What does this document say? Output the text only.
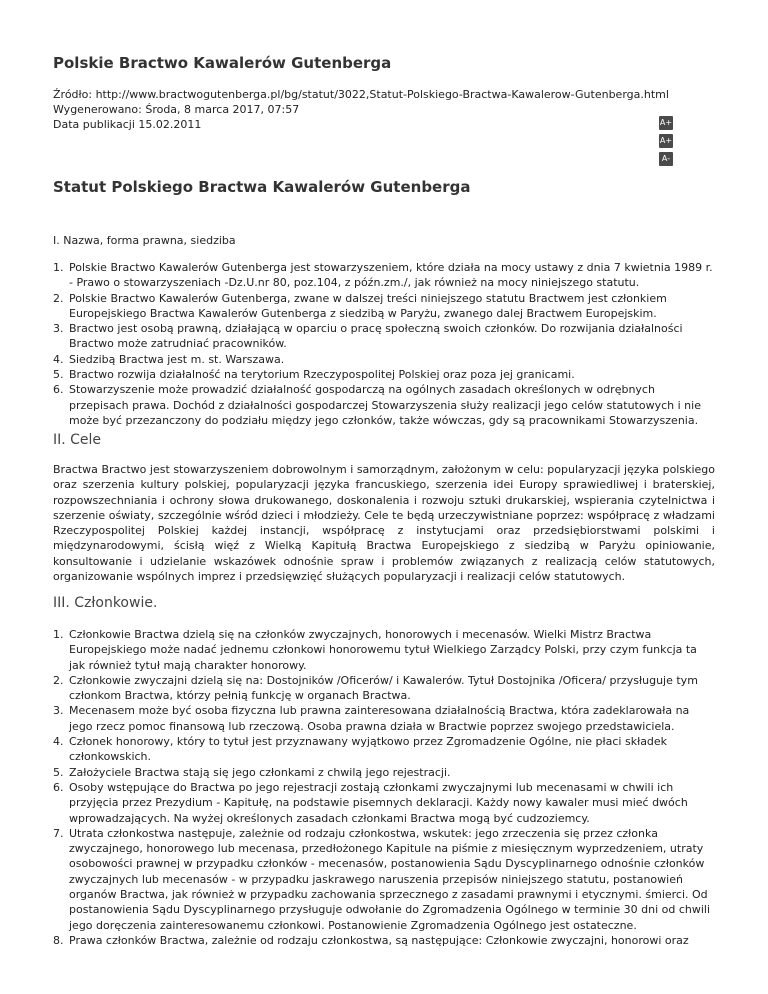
Polskie Bractwo Kawalerów Gutenberga
Źródło: http://www.bractwogutenberga.pl/bg/statut/3022,Statut-Polskiego-Bractwa-Kawalerow-Gutenberga.html
Wygenerowano: Środa, 8 marca 2017, 07:57
Data publikacji 15.02.2011	A+
A+
A-
Statut Polskiego Bractwa Kawalerów Gutenberga
I. Nazwa, forma prawna, siedziba
1. Polskie Bractwo Kawalerów Gutenberga jest stowarzyszeniem, które działa na mocy ustawy z dnia 7 kwietnia 1989 r. - Prawo o stowarzyszeniach -Dz.U.nr 80, poz.104, z późn.zm./, jak również na mocy niniejszego statutu.
2. Polskie Bractwo Kawalerów Gutenberga, zwane w dalszej treści niniejszego statutu Bractwem jest członkiem Europejskiego Bractwa Kawalerów Gutenberga z siedzibą w Paryżu, zwanego dalej Bractwem Europejskim.
3. Bractwo jest osobą prawną, działającą w oparciu o pracę społeczną swoich członków. Do rozwijania działalności Bractwo może zatrudniać pracowników.
4. Siedzibą Bractwa jest m. st. Warszawa.
5. Bractwo rozwija działalność na terytorium Rzeczypospolitej Polskiej oraz poza jej granicami.
6. Stowarzyszenie może prowadzić działalność gospodarczą na ogólnych zasadach określonych w odrębnych przepisach prawa. Dochód z działalności gospodarczej Stowarzyszenia służy realizacji jego celów statutowych i nie może być przezanczony do podziału między jego członków, także wówczas, gdy są pracownikami Stowarzyszenia.
II. Cele

Bractwa Bractwo jest stowarzyszeniem dobrowolnym i samorządnym, założonym w celu: popularyzacji języka polskiego oraz szerzenia kultury polskiej, popularyzacji języka francuskiego, szerzenia idei Europy sprawiedliwej i braterskiej, rozpowszechniania i ochrony słowa drukowanego, doskonalenia i rozwoju sztuki drukarskiej, wspierania czytelnictwa i szerzenie oświaty, szczególnie wśród dzieci i młodzieży. Cele te będą urzeczywistniane poprzez: współpracę z władzami Rzeczypospolitej Polskiej każdej instancji, współpracę z instytucjami oraz przedsiębiorstwami polskimi i międzynarodowymi, ścisłą więź z Wielką Kapitułą Bractwa Europejskiego z siedzibą w Paryżu opiniowanie, konsultowanie i udzielanie wskazówek odnośnie spraw i problemów związanych z realizacją celów statutowych, organizowanie wspólnych imprez i przedsięwzięć służących popularyzacji i realizacji celów statutowych.

III. Członkowie.
1. Członkowie Bractwa dzielą się na członków zwyczajnych, honorowych i mecenasów. Wielki Mistrz Bractwa Europejskiego może nadać jednemu członkowi honorowemu tytuł Wielkiego Zarządcy Polski, przy czym funkcja ta jak również tytuł mają charakter honorowy.
2. Członkowie zwyczajni dzielą się na: Dostojników /Oficerów/ i Kawalerów. Tytuł Dostojnika /Oficera/ przysługuje tym członkom Bractwa, którzy pełnią funkcję w organach Bractwa.
3. Mecenasem może być osoba fizyczna lub prawna zainteresowana działalnością Bractwa, która zadeklarowała na jego rzecz pomoc finansową lub rzeczową. Osoba prawna działa w Bractwie poprzez swojego przedstawiciela.
4. Członek honorowy, który to tytuł jest przyznawany wyjątkowo przez Zgromadzenie Ogólne, nie płaci składek członkowskich.
5. Założyciele Bractwa stają się jego członkami z chwilą jego rejestracji.
6. Osoby wstępujące do Bractwa po jego rejestracji zostają członkami zwyczajnymi lub mecenasami w chwili ich przyjęcia przez Prezydium - Kapitułę, na podstawie pisemnych deklaracji. Każdy nowy kawaler musi mieć dwóch wprowadzających. Na wyżej określonych zasadach członkami Bractwa mogą być cudzoziemcy.
7. Utrata członkostwa następuje, zależnie od rodzaju członkostwa, wskutek: jego zrzeczenia się przez członka zwyczajnego, honorowego lub mecenasa, przedłożonego Kapitule na piśmie z miesięcznym wyprzedzeniem, utraty osobowości prawnej w przypadku członków - mecenasów, postanowienia Sądu Dyscyplinarnego odnośnie członków zwyczajnych lub mecenasów - w przypadku jaskrawego naruszenia przepisów niniejszego statutu, postanowień organów Bractwa, jak również w przypadku zachowania sprzecznego z zasadami prawnymi i etycznymi. śmierci. Od postanowienia Sądu Dyscyplinarnego przysługuje odwołanie do Zgromadzenia Ogólnego w terminie 30 dni od chwili jego doręczenia zainteresowanemu członkowi. Postanowienie Zgromadzenia Ogólnego jest ostateczne.
8. Prawa członków Bractwa, zależnie od rodzaju członkostwa, są następujące: Członkowie zwyczajni, honorowi oraz
